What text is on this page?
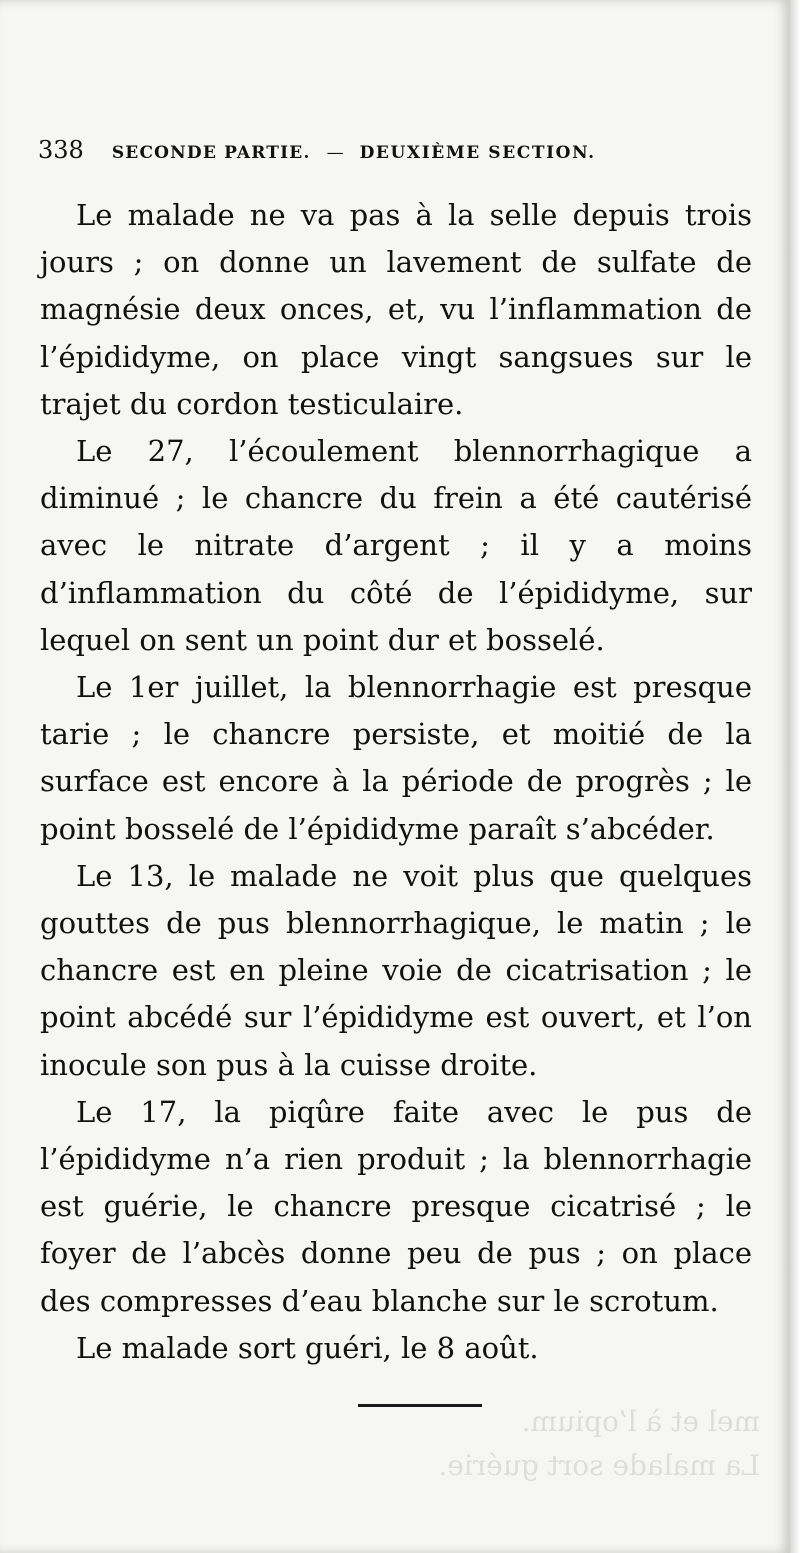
338 SECONDE PARTIE. — DEUXIÈME SECTION.

Le malade ne va pas à la selle depuis trois jours ; on donne un lavement de sulfate de magnésie deux onces, et, vu l’inflammation de l’épididyme, on place vingt sangsues sur le trajet du cordon testiculaire.

Le 27, l’écoulement blennorrhagique a diminué ; le chancre du frein a été cautérisé avec le nitrate d’argent ; il y a moins d’inflammation du côté de l’épididyme, sur lequel on sent un point dur et bosselé.

Le 1er juillet, la blennorrhagie est presque tarie ; le chancre persiste, et moitié de la surface est encore à la période de progrès ; le point bosselé de l’épididyme paraît s’abcéder.

Le 13, le malade ne voit plus que quelques gouttes de pus blennorrhagique, le matin ; le chancre est en pleine voie de cicatrisation ; le point abcédé sur l’épididyme est ouvert, et l’on inocule son pus à la cuisse droite.

Le 17, la piqûre faite avec le pus de l’épididyme n’a rien produit ; la blennorrhagie est guérie, le chancre presque cicatrisé ; le foyer de l’abcès donne peu de pus ; on place des compresses d’eau blanche sur le scrotum.

Le malade sort guéri, le 8 août.

mel et à l’opium.
La malade sort guérie.
